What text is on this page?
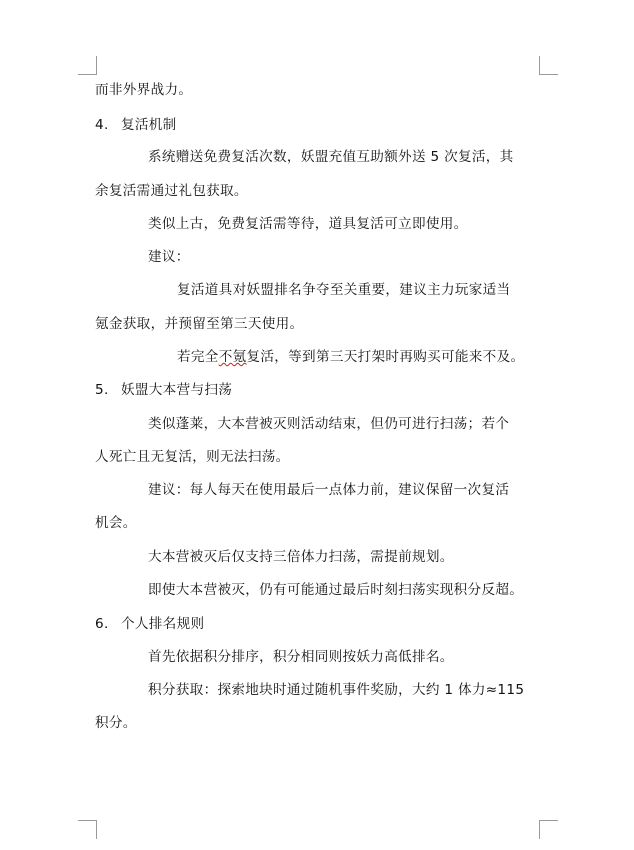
而非外界战力。
4. 复活机制
系统赠送免费复活次数，妖盟充值互助额外送 5 次复活，其
余复活需通过礼包获取。
类似上古，免费复活需等待，道具复活可立即使用。
建议：
复活道具对妖盟排名争夺至关重要，建议主力玩家适当
氪金获取，并预留至第三天使用。
若完全不氪复活，等到第三天打架时再购买可能来不及。
5. 妖盟大本营与扫荡
类似蓬莱，大本营被灭则活动结束，但仍可进行扫荡；若个
人死亡且无复活，则无法扫荡。
建议：每人每天在使用最后一点体力前，建议保留一次复活
机会。
大本营被灭后仅支持三倍体力扫荡，需提前规划。
即使大本营被灭，仍有可能通过最后时刻扫荡实现积分反超。
6. 个人排名规则
首先依据积分排序，积分相同则按妖力高低排名。
积分获取：探索地块时通过随机事件奖励，大约 1 体力≈115
积分。
